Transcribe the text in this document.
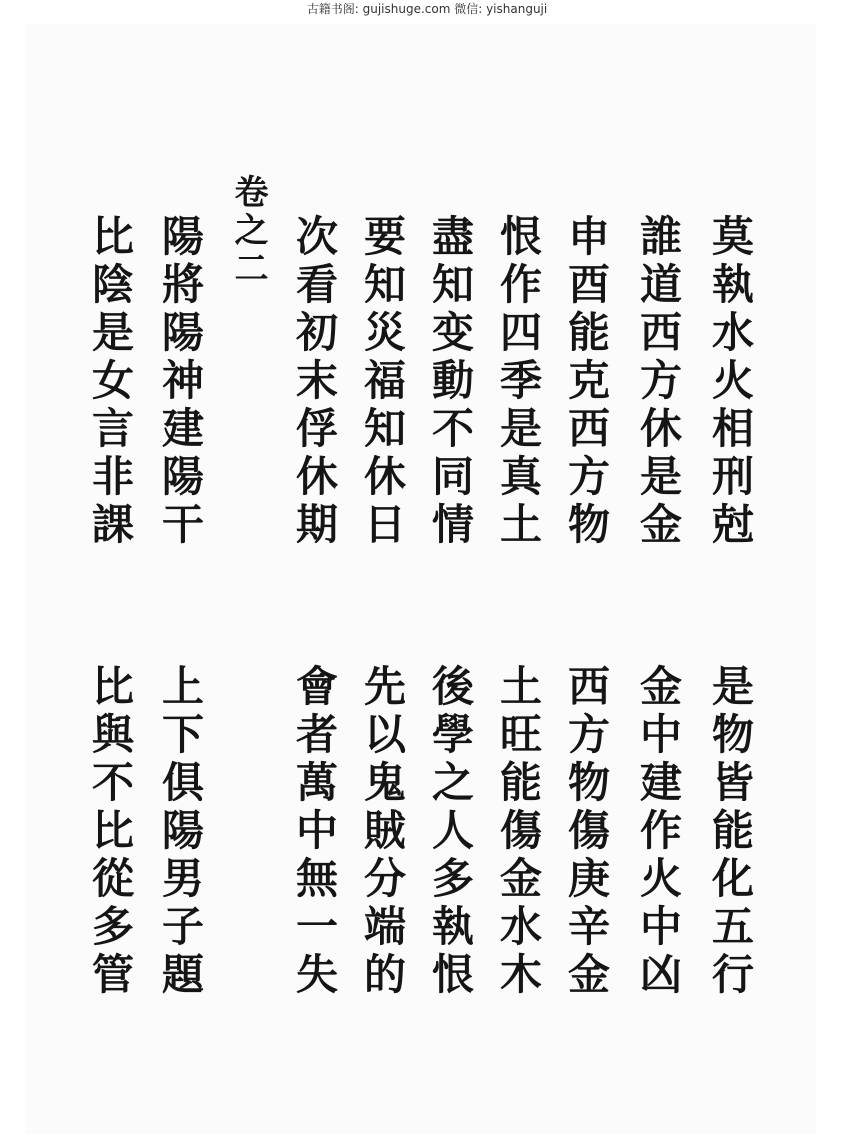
古籍书阁: gujishuge.com 微信: yishanguji
莫執水火相刑尅
誰道西方休是金
申酉能克西方物
恨作四季是真土
盡知变動不同情
要知災福知休日
次看初末俘休期
卷之二
陽將陽神建陽干
比陰是女言非課
是物皆能化五行
金中建作火中凶
西方物傷庚辛金
土旺能傷金水木
後學之人多執恨
先以鬼賊分端的
會者萬中無一失
上下俱陽男子題
比與不比從多管
